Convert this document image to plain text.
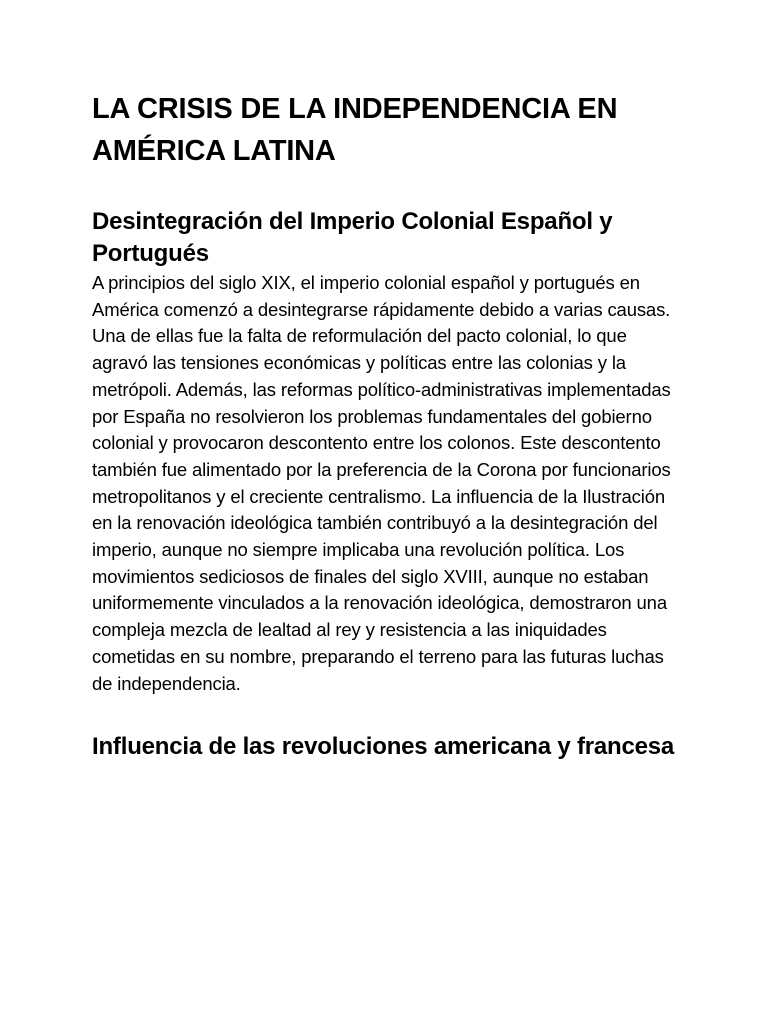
LA CRISIS DE LA INDEPENDENCIA EN AMÉRICA LATINA
Desintegración del Imperio Colonial Español y Portugués

A principios del siglo XIX, el imperio colonial español y portugués en América comenzó a desintegrarse rápidamente debido a varias causas. Una de ellas fue la falta de reformulación del pacto colonial, lo que agravó las tensiones económicas y políticas entre las colonias y la metrópoli. Además, las reformas político-administrativas implementadas por España no resolvieron los problemas fundamentales del gobierno colonial y provocaron descontento entre los colonos. Este descontento también fue alimentado por la preferencia de la Corona por funcionarios metropolitanos y el creciente centralismo. La influencia de la Ilustración en la renovación ideológica también contribuyó a la desintegración del imperio, aunque no siempre implicaba una revolución política. Los movimientos sediciosos de finales del siglo XVIII, aunque no estaban uniformemente vinculados a la renovación ideológica, demostraron una compleja mezcla de lealtad al rey y resistencia a las iniquidades cometidas en su nombre, preparando el terreno para las futuras luchas de independencia.

Influencia de las revoluciones americana y francesa
